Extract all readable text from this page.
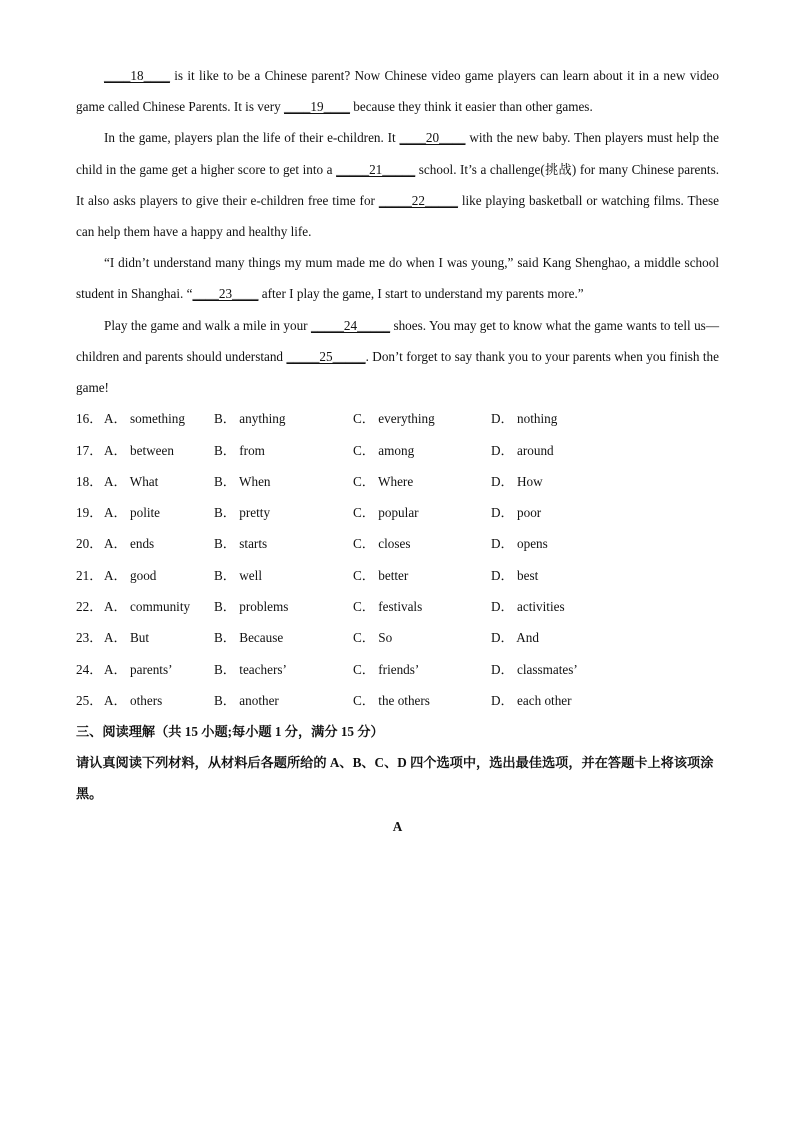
____18____ is it like to be a Chinese parent? Now Chinese video game players can learn about it in a new video game called Chinese Parents. It is very ____19____ because they think it easier than other games.

In the game, players plan the life of their e-children. It ____20____ with the new baby. Then players must help the child in the game get a higher score to get into a _____21_____ school. It’s a challenge(挑战) for many Chinese parents. It also asks players to give their e-children free time for _____22_____ like playing basketball or watching films. These can help them have a happy and healthy life.

“I didn’t understand many things my mum made me do when I was young,” said Kang Shenghao, a middle school student in Shanghai. “____23____ after I play the game, I start to understand my parents more.”

Play the game and walk a mile in your _____24_____ shoes. You may get to know what the game wants to tell us—children and parents should understand _____25_____. Don’t forget to say thank you to your parents when you finish the game!

16． A． something	B． anything	C． everything	D． nothing
17． A． between	B． from	C． among	D． around
18． A． What	B． When	C． Where	D． How
19． A． polite	B． pretty	C． popular	D． poor
20． A． ends	B． starts	C． closes	D． opens
21． A． good	B． well	C． better	D． best
22． A． community	B． problems	C． festivals	D． activities
23． A． But	B． Because	C． So	D． And
24． A． parents’	B． teachers’	C． friends’	D． classmates’
25． A． others	B． another	C． the others	D． each other
三、阅读理解（共 15 小题;每小题 1 分，满分 15 分）

请认真阅读下列材料，从材料后各题所给的 A、B、C、D 四个选项中，选出最佳选项，并在答题卡上将该项涂黑。

A
